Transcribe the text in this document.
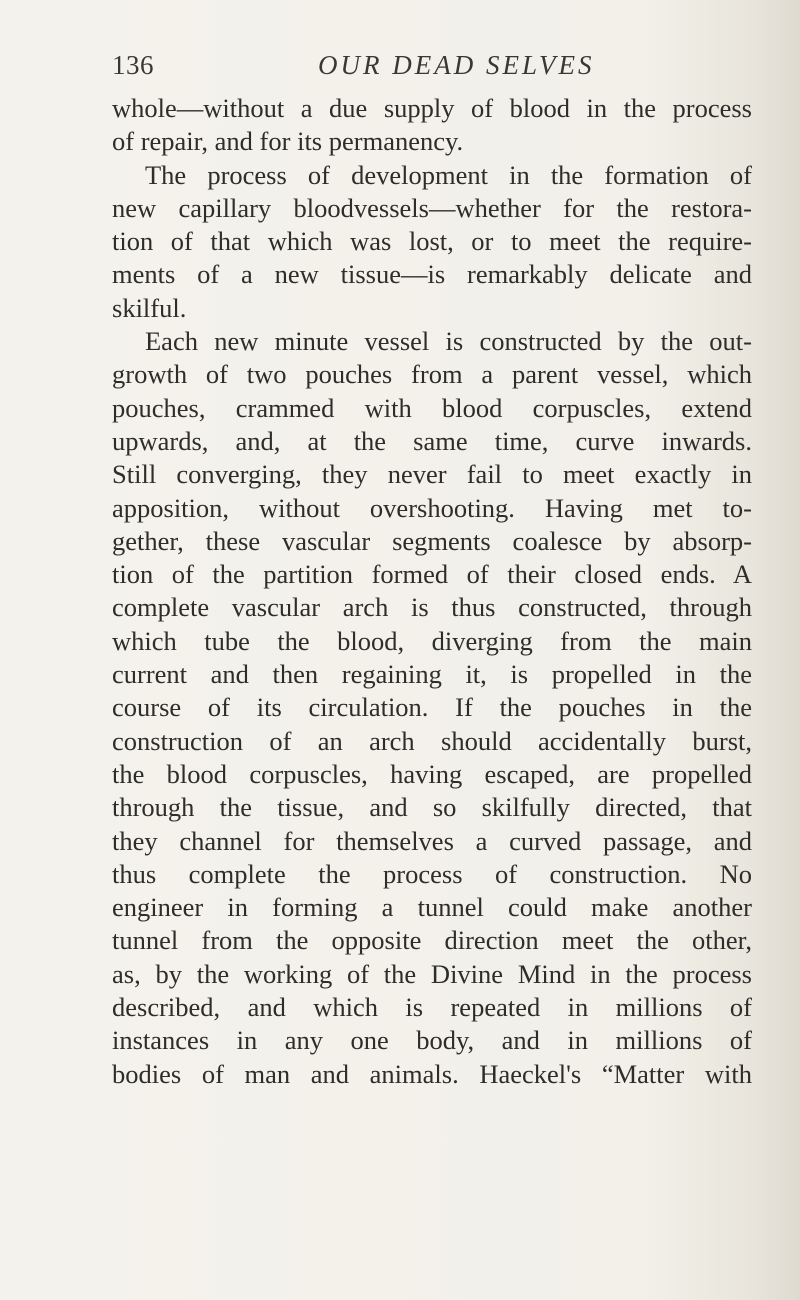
136	OUR DEAD SELVES
whole—without a due supply of blood in the process
of repair, and for its permanency.
The process of development in the formation of
new capillary bloodvessels—whether for the restora-
tion of that which was lost, or to meet the require-
ments of a new tissue—is remarkably delicate and
skilful.
Each new minute vessel is constructed by the out-
growth of two pouches from a parent vessel, which
pouches, crammed with blood corpuscles, extend
upwards, and, at the same time, curve inwards.
Still converging, they never fail to meet exactly in
apposition, without overshooting. Having met to-
gether, these vascular segments coalesce by absorp-
tion of the partition formed of their closed ends. A
complete vascular arch is thus constructed, through
which tube the blood, diverging from the main
current and then regaining it, is propelled in the
course of its circulation. If the pouches in the
construction of an arch should accidentally burst,
the blood corpuscles, having escaped, are propelled
through the tissue, and so skilfully directed, that
they channel for themselves a curved passage, and
thus complete the process of construction. No
engineer in forming a tunnel could make another
tunnel from the opposite direction meet the other,
as, by the working of the Divine Mind in the process
described, and which is repeated in millions of
instances in any one body, and in millions of
bodies of man and animals. Haeckel's “Matter with
